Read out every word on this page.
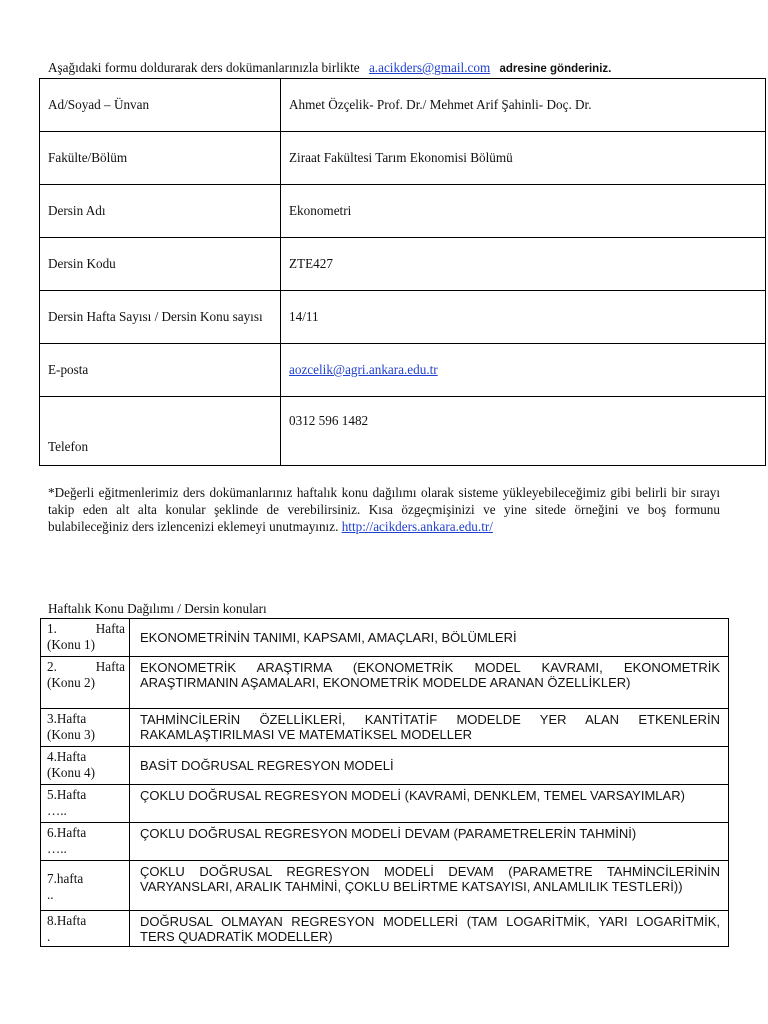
Aşağıdaki formu doldurarak ders dokümanlarınızla birlikte a.acikders@gmail.com adresine gönderiniz.
Ad/Soyad – Ünvan	Ahmet Özçelik- Prof. Dr./ Mehmet Arif Şahinli- Doç. Dr.
Fakülte/Bölüm	Ziraat Fakültesi Tarım Ekonomisi Bölümü
Dersin Adı	Ekonometri
Dersin Kodu	ZTE427
Dersin Hafta Sayısı / Dersin Konu sayısı	14/11
E-posta	aozcelik@agri.ankara.edu.tr
Telefon	0312 596 1482
*Değerli eğitmenlerimiz ders dokümanlarınız haftalık konu dağılımı olarak sisteme yükleyebileceğimiz gibi belirli bir sırayı takip eden alt alta konular şeklinde de verebilirsiniz. Kısa özgeçmişinizi ve yine sitede örneğini ve boş formunu bulabileceğiniz ders izlencenizi eklemeyi unutmayınız. http://acikders.ankara.edu.tr/
Haftalık Konu Dağılımı / Dersin konuları
1. Hafta
(Konu 1)	EKONOMETRİNİN TANIMI, KAPSAMI, AMAÇLARI, BÖLÜMLERİ

2. Hafta
(Konu 2)	EKONOMETRİK ARAŞTIRMA (EKONOMETRİK MODEL KAVRAMI, EKONOMETRİK ARAŞTIRMANIN AŞAMALARI, EKONOMETRİK MODELDE ARANAN ÖZELLİKLER)

3.Hafta
(Konu 3)	TAHMİNCİLERİN ÖZELLİKLERİ, KANTİTATİF MODELDE YER ALAN ETKENLERİN RAKAMLAŞTIRILMASI VE MATEMATİKSEL MODELLER

4.Hafta
(Konu 4)	BASİT DOĞRUSAL REGRESYON MODELİ

5.Hafta
…..	ÇOKLU DOĞRUSAL REGRESYON MODELİ (KAVRAMİ, DENKLEM, TEMEL VARSAYIMLAR)

6.Hafta
…..	ÇOKLU DOĞRUSAL REGRESYON MODELİ DEVAM (PARAMETRELERİN TAHMİNİ)

7.hafta
..	ÇOKLU DOĞRUSAL REGRESYON MODELİ DEVAM (PARAMETRE TAHMİNCİLERİNİN VARYANSLARI, ARALIK TAHMİNİ, ÇOKLU BELİRTME KATSAYISI, ANLAMLILIK TESTLERİ))

8.Hafta
.	DOĞRUSAL OLMAYAN REGRESYON MODELLERİ (TAM LOGARİTMİK, YARI LOGARİTMİK, TERS QUADRATİK MODELLER)
